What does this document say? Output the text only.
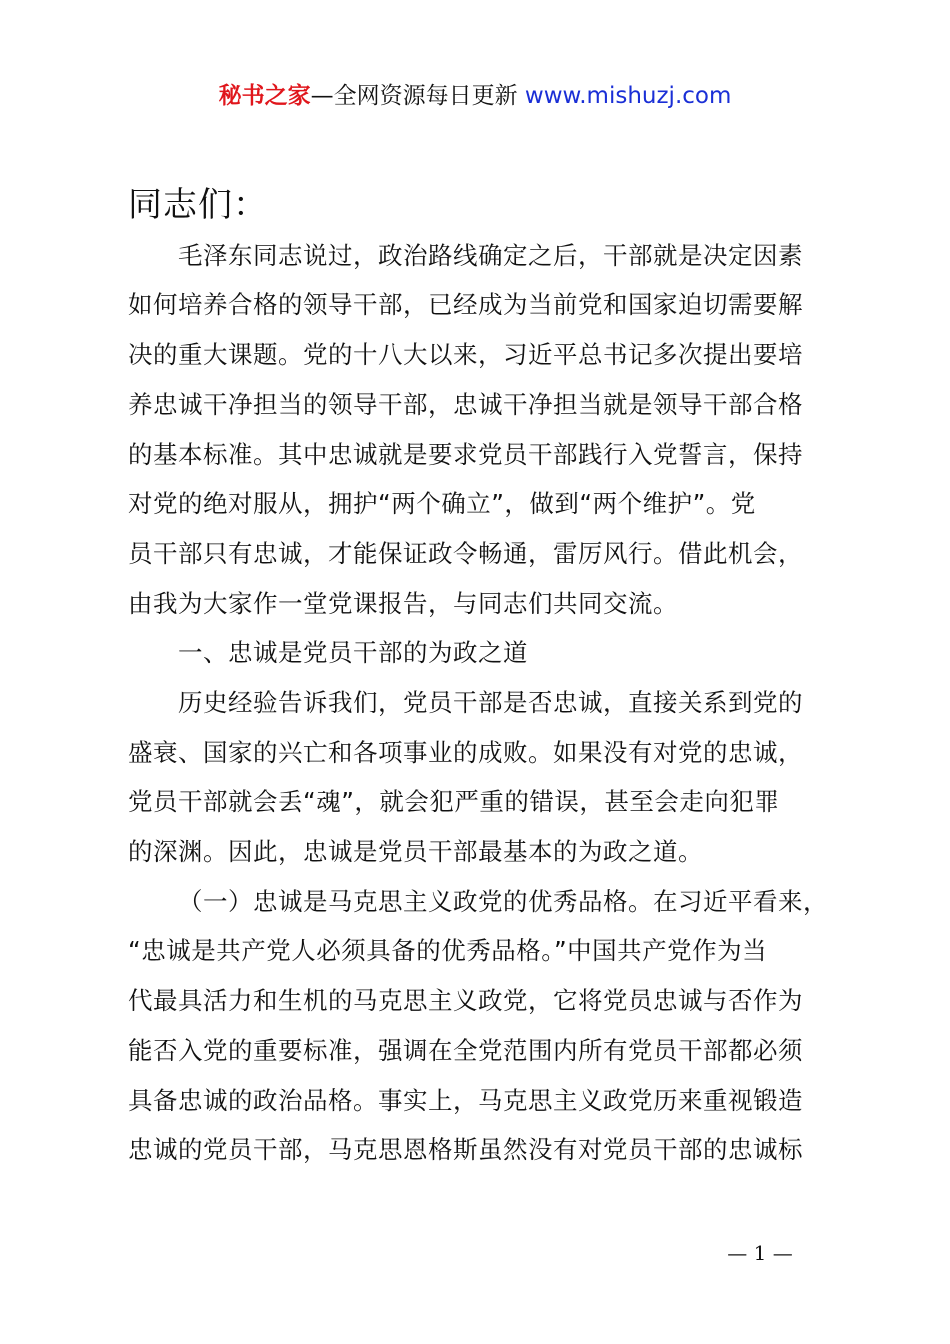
秘书之家—全网资源每日更新 www.mishuzj.com
同志们：
毛泽东同志说过，政治路线确定之后，干部就是决定因素
如何培养合格的领导干部，已经成为当前党和国家迫切需要解
决的重大课题。党的十八大以来，习近平总书记多次提出要培
养忠诚干净担当的领导干部，忠诚干净担当就是领导干部合格
的基本标准。其中忠诚就是要求党员干部践行入党誓言，保持
对党的绝对服从，拥护“两个确立”，做到“两个维护”。党
员干部只有忠诚，才能保证政令畅通，雷厉风行。借此机会，
由我为大家作一堂党课报告，与同志们共同交流。
一、忠诚是党员干部的为政之道
历史经验告诉我们，党员干部是否忠诚，直接关系到党的
盛衰、国家的兴亡和各项事业的成败。如果没有对党的忠诚，
党员干部就会丢“魂”，就会犯严重的错误，甚至会走向犯罪
的深渊。因此，忠诚是党员干部最基本的为政之道。
（一）忠诚是马克思主义政党的优秀品格。在习近平看来，
“忠诚是共产党人必须具备的优秀品格。”中国共产党作为当
代最具活力和生机的马克思主义政党，它将党员忠诚与否作为
能否入党的重要标准，强调在全党范围内所有党员干部都必须
具备忠诚的政治品格。事实上，马克思主义政党历来重视锻造
忠诚的党员干部，马克思恩格斯虽然没有对党员干部的忠诚标
— 1 —
